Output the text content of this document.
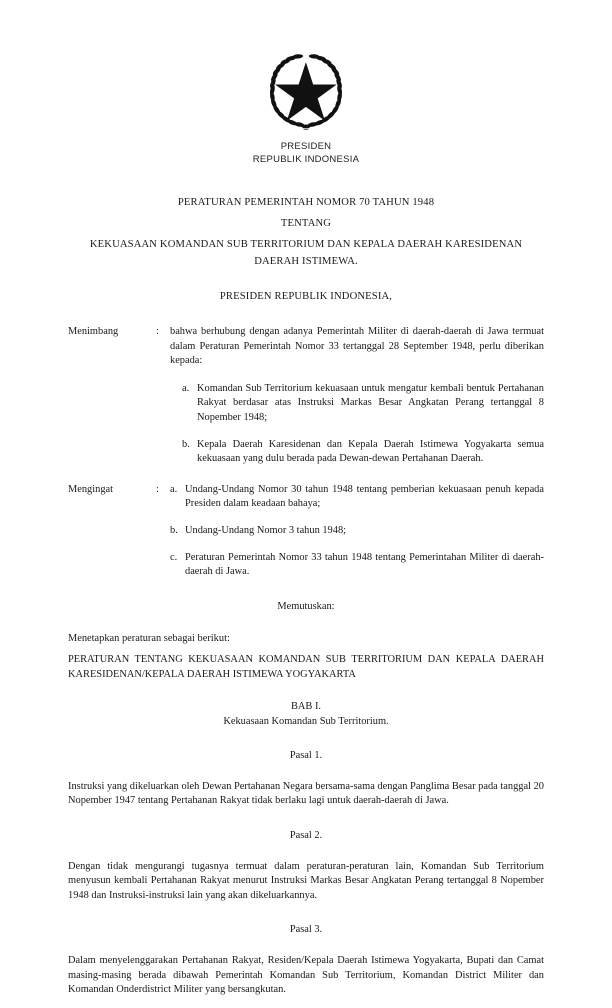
PRESIDEN
REPUBLIK INDONESIA
PERATURAN PEMERINTAH NOMOR 70 TAHUN 1948
TENTANG
KEKUASAAN KOMANDAN SUB TERRITORIUM DAN KEPALA DAERAH KARESIDENAN
DAERAH ISTIMEWA.
PRESIDEN REPUBLIK INDONESIA,
Menimbang	:	bahwa berhubung dengan adanya Pemerintah Militer di daerah-daerah di Jawa termuat dalam Peraturan Pemerintah Nomor 33 tertanggal 28 September 1948, perlu diberikan kepada:
a. Komandan Sub Territorium kekuasaan untuk mengatur kembali bentuk Pertahanan Rakyat berdasar atas Instruksi Markas Besar Angkatan Perang tertanggal 8 Nopember 1948;
b. Kepala Daerah Karesidenan dan Kepala Daerah Istimewa Yogyakarta semua kekuasaan yang dulu berada pada Dewan-dewan Pertahanan Daerah.
Mengingat	:	a. Undang-Undang Nomor 30 tahun 1948 tentang pemberian kekuasaan penuh kepada Presiden dalam keadaan bahaya;
b. Undang-Undang Nomor 3 tahun 1948;
c. Peraturan Pemerintah Nomor 33 tahun 1948 tentang Pemerintahan Militer di daerah-daerah di Jawa.
Memutuskan:
Menetapkan peraturan sebagai berikut:
PERATURAN TENTANG KEKUASAAN KOMANDAN SUB TERRITORIUM DAN KEPALA DAERAH KARESIDENAN/KEPALA DAERAH ISTIMEWA YOGYAKARTA
BAB I.
Kekuasaan Komandan Sub Territorium.
Pasal 1.
Instruksi yang dikeluarkan oleh Dewan Pertahanan Negara bersama-sama dengan Panglima Besar pada tanggal 20 Nopember 1947 tentang Pertahanan Rakyat tidak berlaku lagi untuk daerah-daerah di Jawa.
Pasal 2.
Dengan tidak mengurangi tugasnya termuat dalam peraturan-peraturan lain, Komandan Sub Territorium menyusun kembali Pertahanan Rakyat menurut Instruksi Markas Besar Angkatan Perang tertanggal 8 Nopember 1948 dan Instruksi-instruksi lain yang akan dikeluarkannya.
Pasal 3.
Dalam menyelenggarakan Pertahanan Rakyat, Residen/Kepala Daerah Istimewa Yogyakarta, Bupati dan Camat masing-masing berada dibawah Pemerintah Komandan Sub Territorium, Komandan District Militer dan Komandan Onderdistrict Militer yang bersangkutan.
